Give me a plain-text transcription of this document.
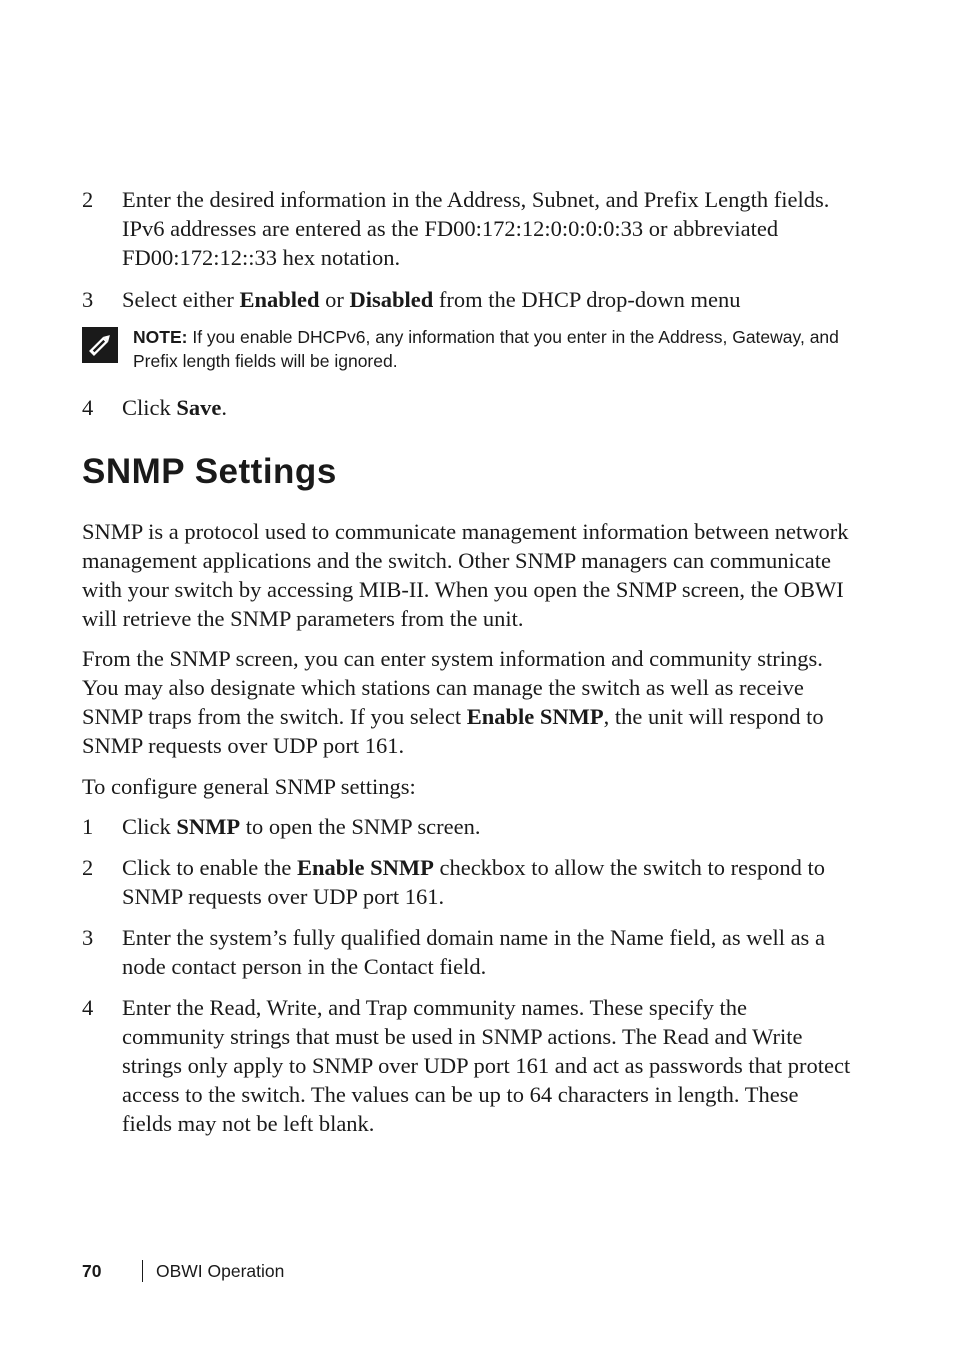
2	Enter the desired information in the Address, Subnet, and Prefix Length fields. IPv6 addresses are entered as the FD00:172:12:0:0:0:0:33 or abbreviated FD00:172:12::33 hex notation.
3	Select either Enabled or Disabled from the DHCP drop-down menu
NOTE: If you enable DHCPv6, any information that you enter in the Address, Gateway, and Prefix length fields will be ignored.
4	Click Save.
SNMP Settings
SNMP is a protocol used to communicate management information between network management applications and the switch. Other SNMP managers can communicate with your switch by accessing MIB-II. When you open the SNMP screen, the OBWI will retrieve the SNMP parameters from the unit.
From the SNMP screen, you can enter system information and community strings. You may also designate which stations can manage the switch as well as receive SNMP traps from the switch. If you select Enable SNMP, the unit will respond to SNMP requests over UDP port 161.
To configure general SNMP settings:
1	Click SNMP to open the SNMP screen.
2	Click to enable the Enable SNMP checkbox to allow the switch to respond to SNMP requests over UDP port 161.
3	Enter the system’s fully qualified domain name in the Name field, as well as a node contact person in the Contact field.
4	Enter the Read, Write, and Trap community names. These specify the community strings that must be used in SNMP actions. The Read and Write strings only apply to SNMP over UDP port 161 and act as passwords that protect access to the switch. The values can be up to 64 characters in length. These fields may not be left blank.
70	OBWI Operation
